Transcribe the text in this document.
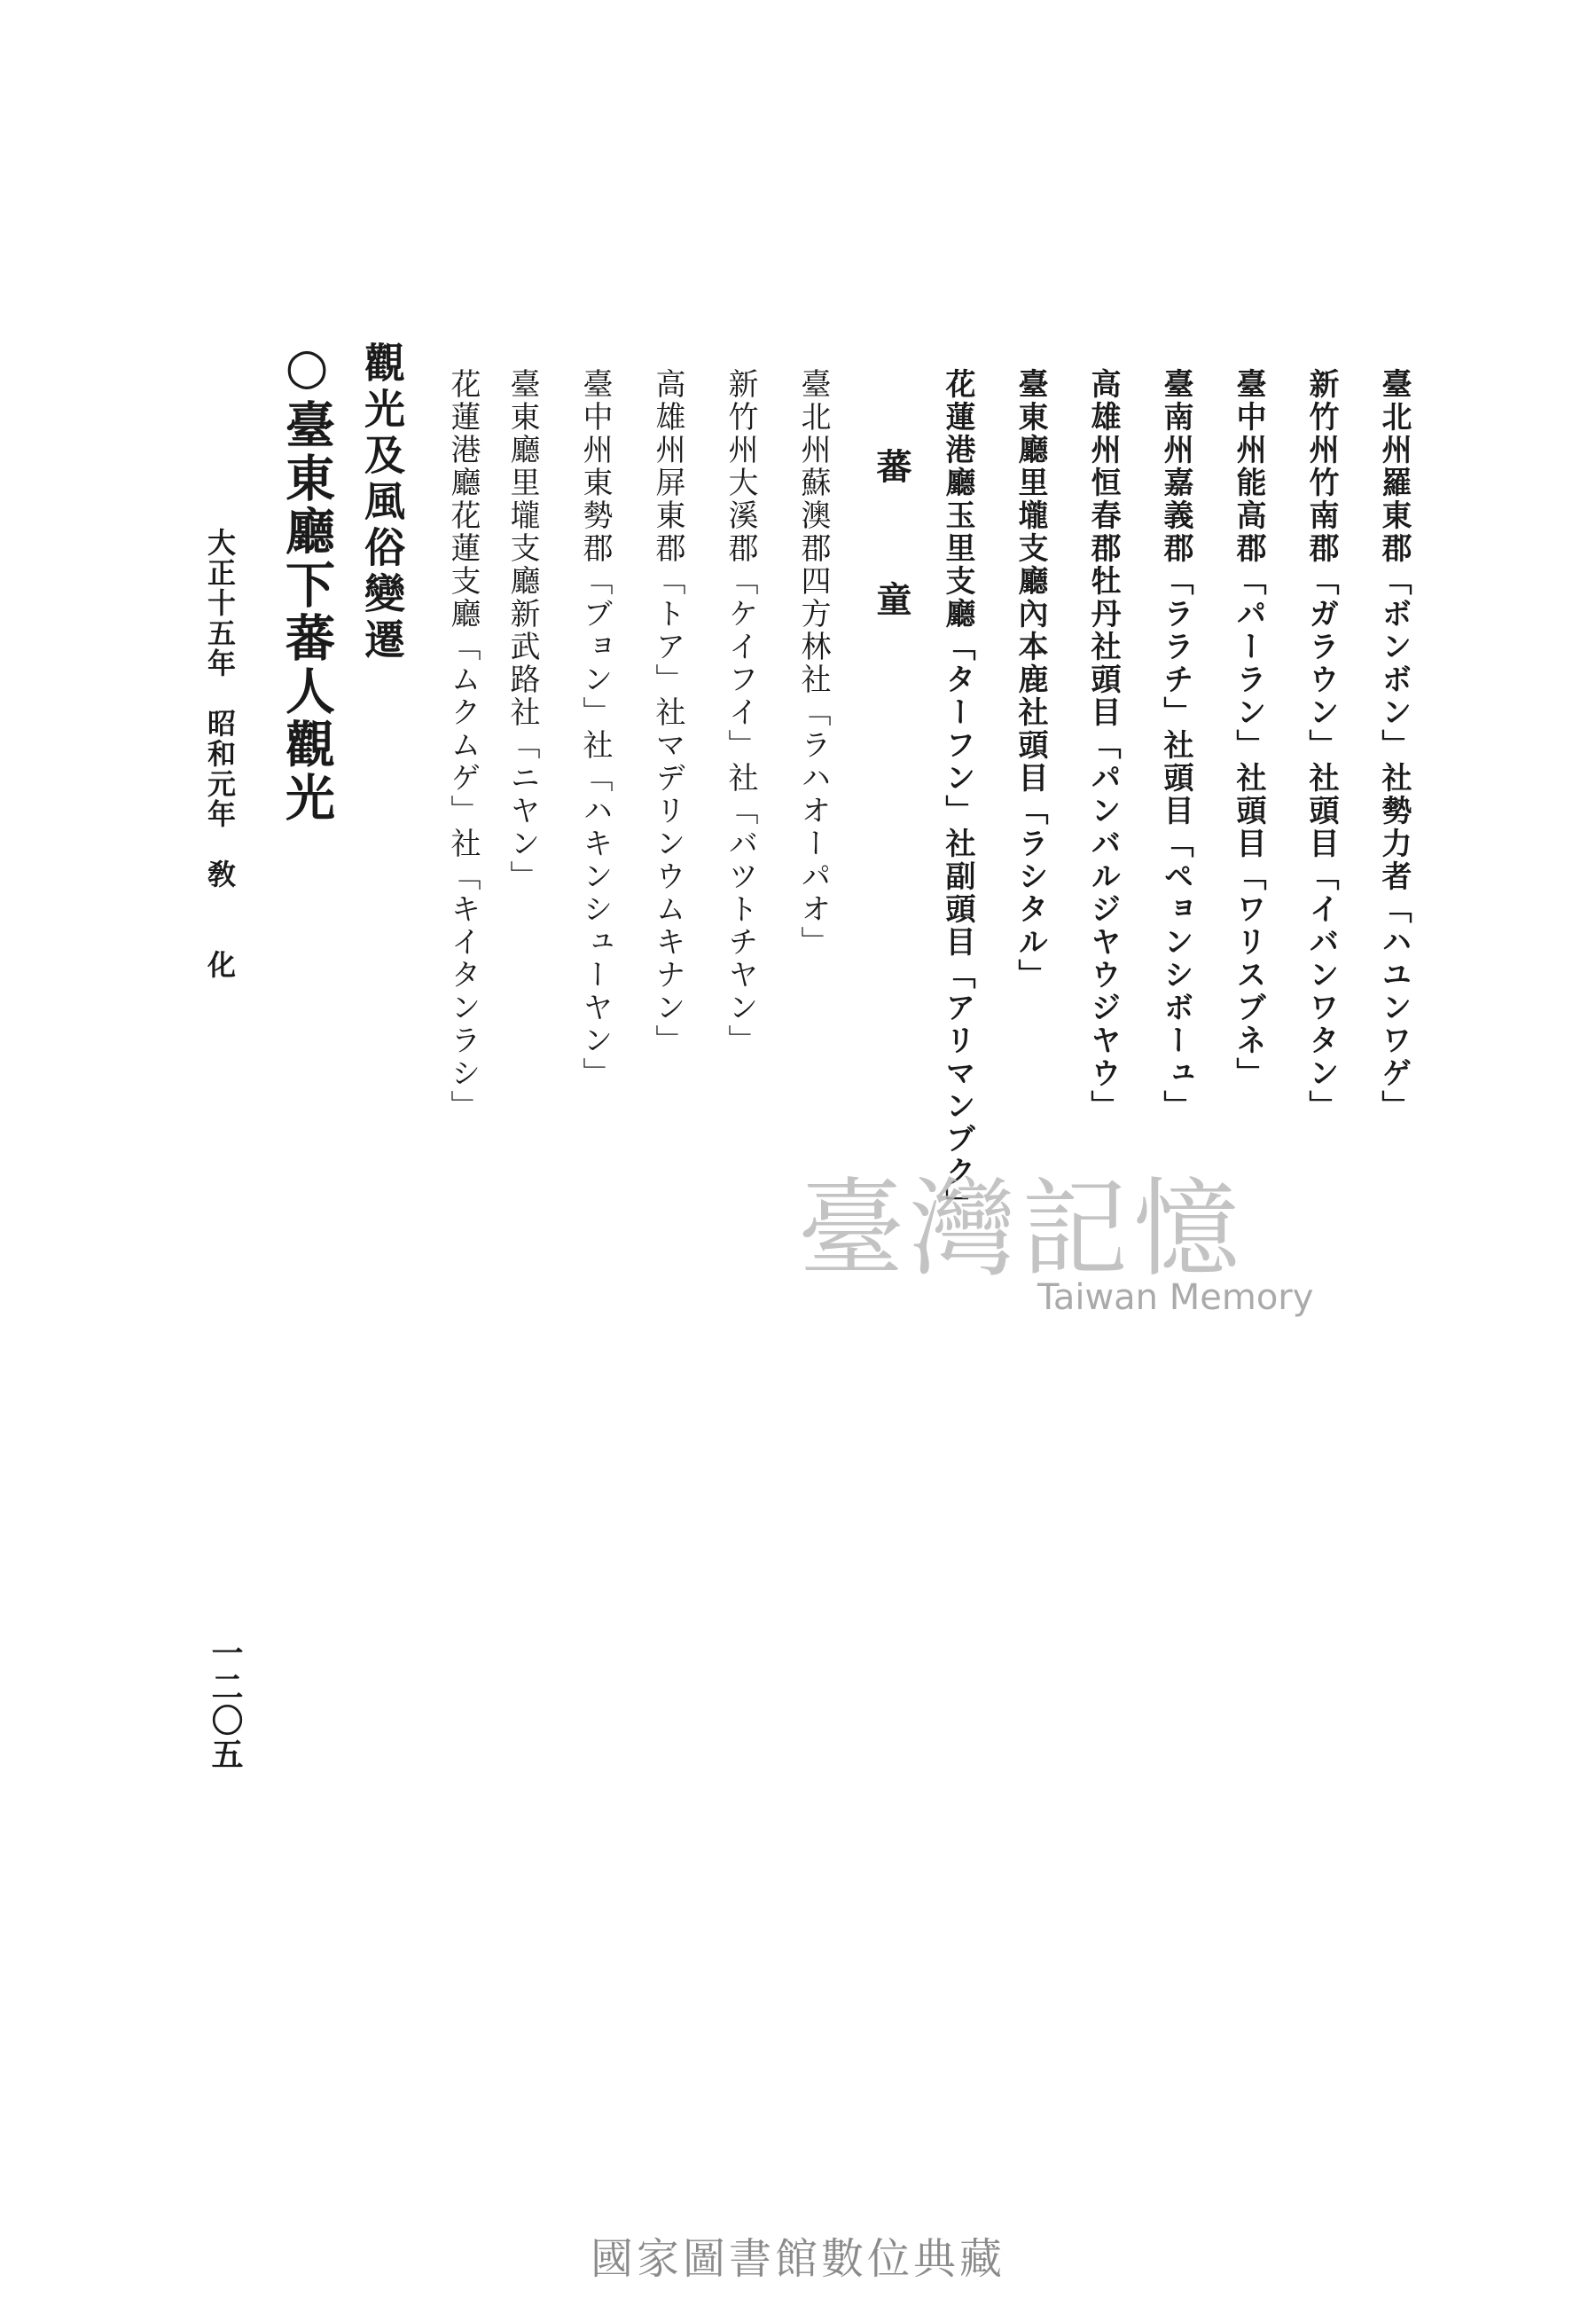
臺北州羅東郡「ボンボン」社勢力者「ハユンワゲ」
新竹州竹南郡「ガラウン」社頭目「イバンワタン」
臺中州能高郡「パーラン」社頭目「ワリスブネ」
臺南州嘉義郡「ララチ」社頭目「ペョンシボーュ」
高雄州恒春郡牡丹社頭目「パンバルジヤウジヤウ」
臺東廳里壠支廳內本鹿社頭目「ラシタル」
花蓮港廳玉里支廳「ターフン」社副頭目「アリマンブク」
蕃　　童
臺北州蘇澳郡四方林社「ラハオーパオ」
新竹州大溪郡「ケイフイ」社「バツトチヤン」
高雄州屏東郡「トア」社マデリンウムキナン」
臺中州東勢郡「ブョン」社「ハキンシューヤン」
臺東廳里壠支廳新武路社「ニヤン」
花蓮港廳花蓮支廳「ムクムゲ」社「キイタンラシ」
觀光及風俗變遷
○臺東廳下蕃人觀光
大正十五年　昭和元年　敎　　化
一二〇五
臺灣記憶
Taiwan Memory
國家圖書館數位典藏
